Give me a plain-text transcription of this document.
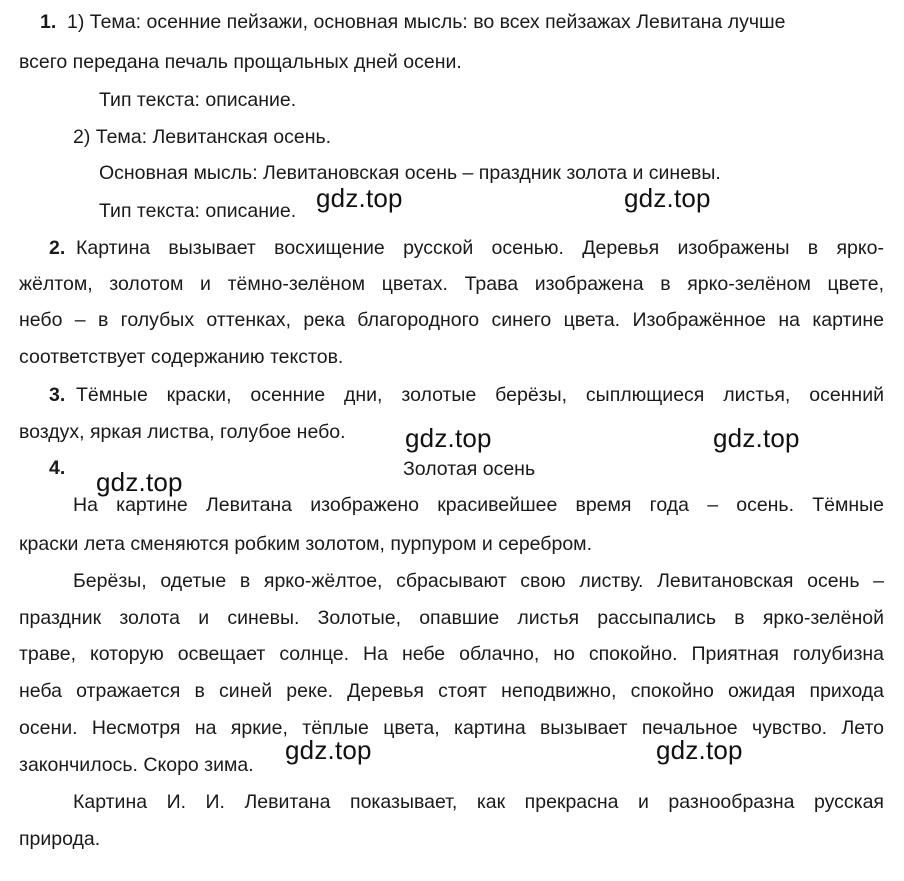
1. 1) Тема: осенние пейзажи, основная мысль: во всех пейзажах Левитана лучше
всего передана печаль прощальных дней осени.
Тип текста: описание.
2) Тема: Левитанская осень.
Основная мысль: Левитановская осень – праздник золота и синевы.
Тип текста: описание.
2. Картина вызывает восхищение русской осенью. Деревья изображены в ярко-
жёлтом, золотом и тёмно-зелёном цветах. Трава изображена в ярко-зелёном цвете,
небо – в голубых оттенках, река благородного синего цвета. Изображённое на картине
соответствует содержанию текстов.
3. Тёмные краски, осенние дни, золотые берёзы, сыплющиеся листья, осенний
воздух, яркая листва, голубое небо.
4.	Золотая осень
На картине Левитана изображено красивейшее время года – осень. Тёмные
краски лета сменяются робким золотом, пурпуром и серебром.
Берёзы, одетые в ярко-жёлтое, сбрасывают свою листву. Левитановская осень –
праздник золота и синевы. Золотые, опавшие листья рассыпались в ярко-зелёной
траве, которую освещает солнце. На небе облачно, но спокойно. Приятная голубизна
неба отражается в синей реке. Деревья стоят неподвижно, спокойно ожидая прихода
осени. Несмотря на яркие, тёплые цвета, картина вызывает печальное чувство. Лето
закончилось. Скоро зима.
Картина И. И. Левитана показывает, как прекрасна и разнообразна русская
природа.
gdz.top	gdz.top
gdz.top	gdz.top
gdz.top
gdz.top	gdz.top
